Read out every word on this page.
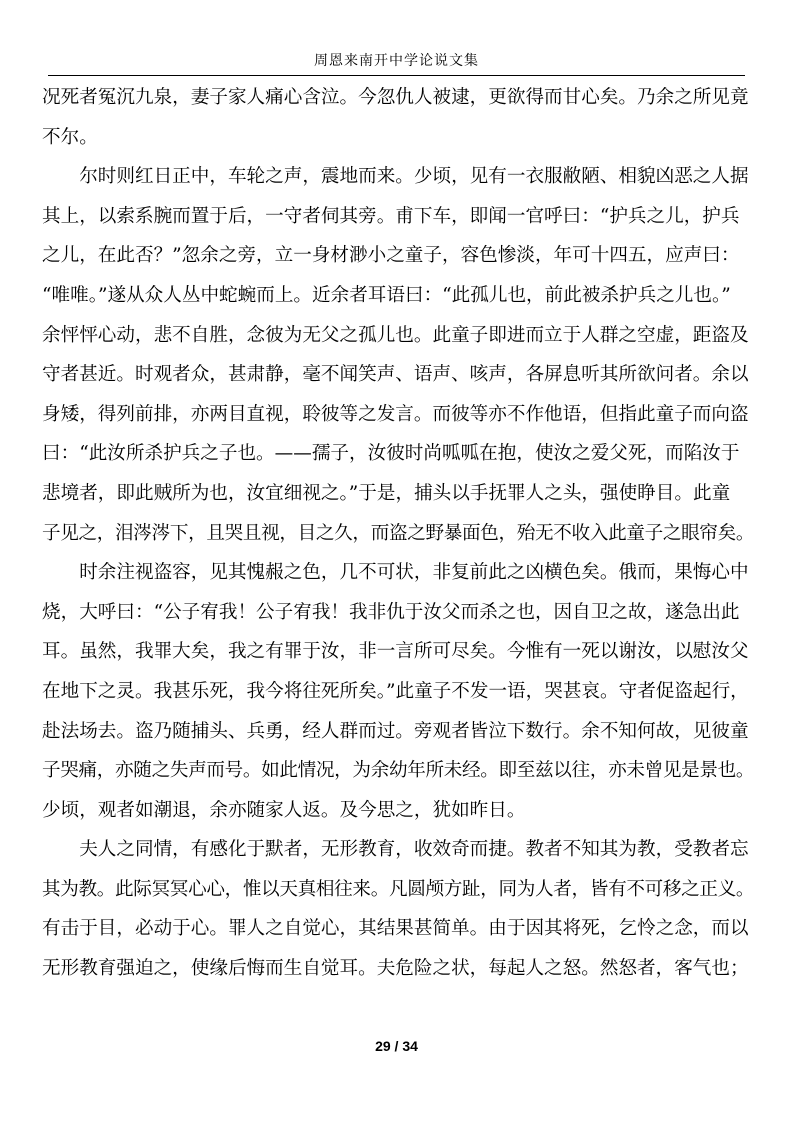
周恩来南开中学论说文集

况死者冤沉九泉，妻子家人痛心含泣。今忽仇人被逮，更欲得而甘心矣。乃余之所见竟
不尔。

　　尔时则红日正中，车轮之声，震地而来。少顷，见有一衣服敝陋、相貌凶恶之人据
其上，以索系腕而置于后，一守者伺其旁。甫下车，即闻一官呼曰：“护兵之儿，护兵
之儿，在此否？”忽余之旁，立一身材渺小之童子，容色惨淡，年可十四五，应声曰：
“唯唯。”遂从众人丛中蛇蜿而上。近余者耳语曰：“此孤儿也，前此被杀护兵之儿也。”
余怦怦心动，悲不自胜，念彼为无父之孤儿也。此童子即进而立于人群之空虚，距盗及
守者甚近。时观者众，甚肃静，毫不闻笑声、语声、咳声，各屏息听其所欲问者。余以
身矮，得列前排，亦两目直视，聆彼等之发言。而彼等亦不作他语，但指此童子而向盗
曰：“此汝所杀护兵之子也。——孺子，汝彼时尚呱呱在抱，使汝之爱父死，而陷汝于
悲境者，即此贼所为也，汝宜细视之。”于是，捕头以手抚罪人之头，强使睁目。此童
子见之，泪涔涔下，且哭且视，目之久，而盗之野暴面色，殆无不收入此童子之眼帘矣。

　　时余注视盗容，见其愧赧之色，几不可状，非复前此之凶横色矣。俄而，果悔心中
烧，大呼曰：“公子宥我！公子宥我！我非仇于汝父而杀之也，因自卫之故，遂急出此
耳。虽然，我罪大矣，我之有罪于汝，非一言所可尽矣。今惟有一死以谢汝，以慰汝父
在地下之灵。我甚乐死，我今将往死所矣。”此童子不发一语，哭甚哀。守者促盗起行，
赴法场去。盗乃随捕头、兵勇，经人群而过。旁观者皆泣下数行。余不知何故，见彼童
子哭痛，亦随之失声而号。如此情况，为余幼年所未经。即至兹以往，亦未曾见是景也。
少顷，观者如潮退，余亦随家人返。及今思之，犹如昨日。

　　夫人之同情，有感化于默者，无形教育，收效奇而捷。教者不知其为教，受教者忘
其为教。此际冥冥心心，惟以天真相往来。凡圆颅方趾，同为人者，皆有不可移之正义。
有击于目，必动于心。罪人之自觉心，其结果甚简单。由于因其将死，乞怜之念，而以
无形教育强迫之，使缘后悔而生自觉耳。夫危险之状，每起人之怒。然怒者，客气也；

29 / 34
